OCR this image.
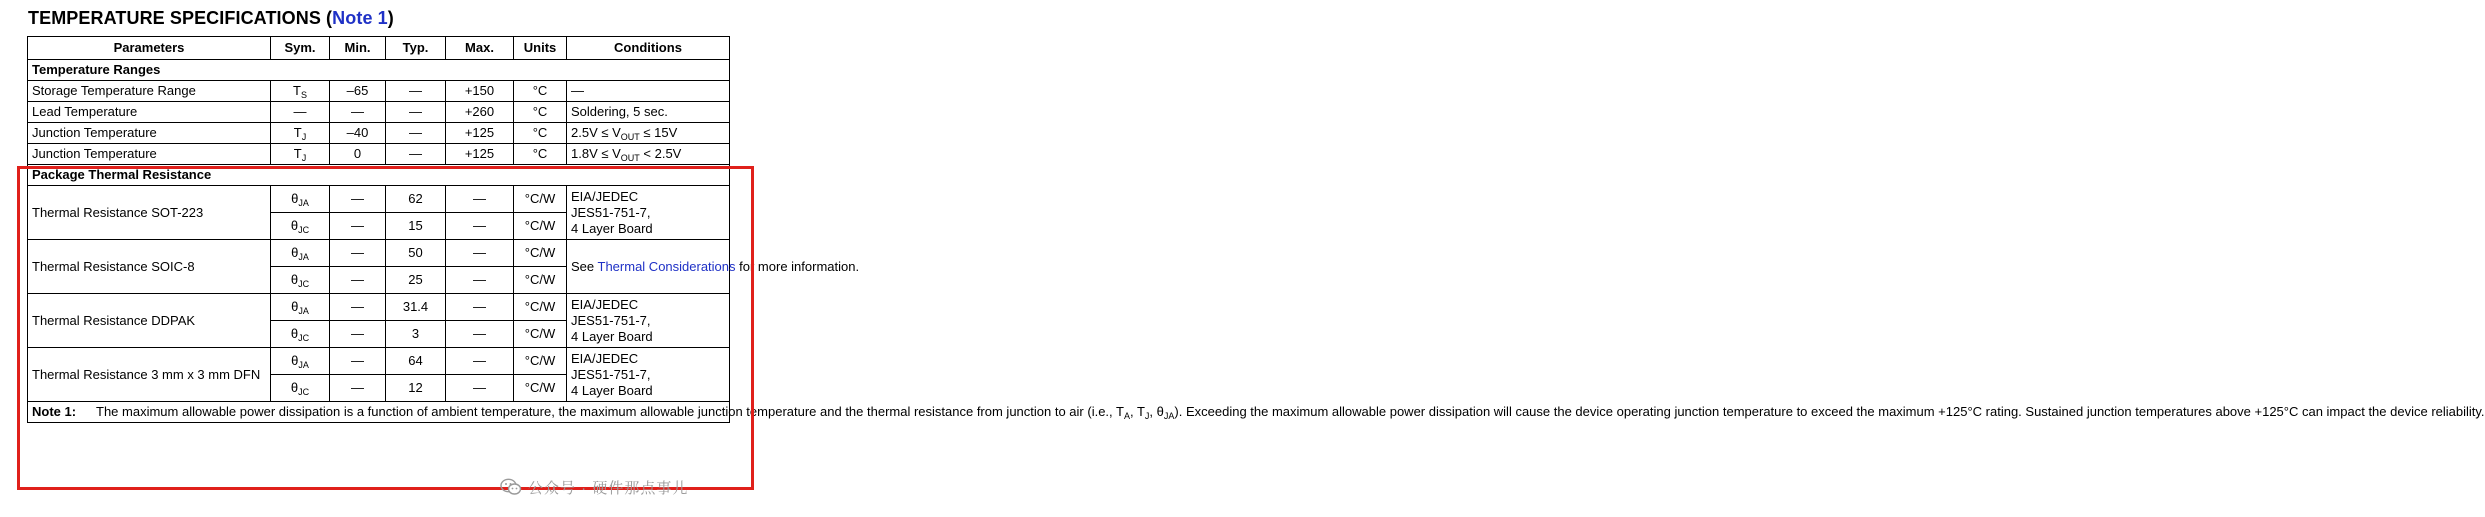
TEMPERATURE SPECIFICATIONS (Note 1)
Parameters	Sym.	Min.	Typ.	Max.	Units	Conditions
Temperature Ranges						
Storage Temperature Range	$T_S$	–65	—	+150	°C	—
Lead Temperature	—	—	—	+260	°C	Soldering, 5 sec.
Junction Temperature	$T_J$	–40	—	+125	°C	$2.5V \le V_{OUT} \le 15V$
Junction Temperature	$T_J$	0	—	+125	°C	$1.8V \le V_{OUT} < 2.5V$
Package Thermal Resistance						
Thermal Resistance SOT-223	$\theta_{JA}$	—	62	—	°C/W	EIA/JEDEC
JES51-751-7,
4 Layer Board
	$\theta_{JC}$	—	15	—	°C/W	
Thermal Resistance SOIC-8	$\theta_{JA}$	—	50	—	°C/W	See Thermal Considerations for more information.
	$\theta_{JC}$	—	25	—	°C/W	
Thermal Resistance DDPAK	$\theta_{JA}$	—	31.4	—	°C/W	EIA/JEDEC
JES51-751-7,
4 Layer Board
	$\theta_{JC}$	—	3	—	°C/W	
Thermal Resistance 3 mm x 3 mm DFN	$\theta_{JA}$	—	64	—	°C/W	EIA/JEDEC
JES51-751-7,
4 Layer Board
	$\theta_{JC}$	—	12	—	°C/W	

Note 1: The maximum allowable power dissipation is a function of ambient temperature, the maximum allowable junction temperature and the thermal resistance from junction to air (i.e., $T_A$, $T_J$, $\theta_{JA}$). Exceeding the maximum allowable power dissipation will cause the device operating junction temperature to exceed the maximum +125°C rating. Sustained junction temperatures above +125°C can impact the device reliability.						
公众号 · 硬件那点事儿
